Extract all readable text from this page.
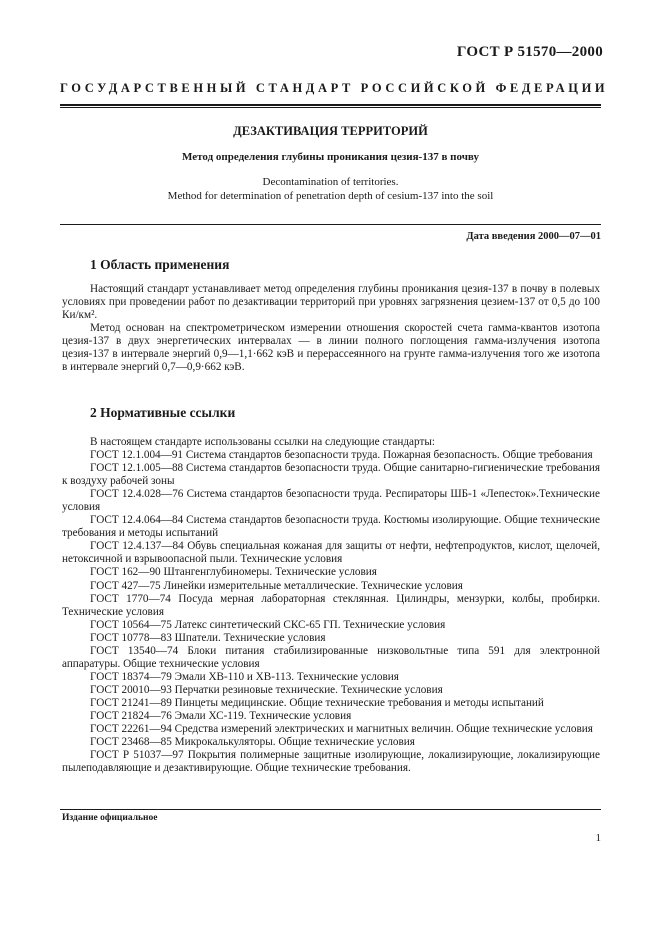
ГОСТ Р 51570—2000
ГОСУДАРСТВЕННЫЙ СТАНДАРТ РОССИЙСКОЙ ФЕДЕРАЦИИ
ДЕЗАКТИВАЦИЯ ТЕРРИТОРИЙ
Метод определения глубины проникания цезия-137 в почву
Decontamination of territories.
Method for determination of penetration depth of cesium-137 into the soil
Дата введения 2000—07—01
1 Область применения

Настоящий стандарт устанавливает метод определения глубины проникания цезия-137 в почву в полевых условиях при проведении работ по дезактивации территорий при уровнях загрязнения цезием-137 от 0,5 до 100 Ки/км².

Метод основан на спектрометрическом измерении отношения скоростей счета гамма-квантов изотопа цезия-137 в двух энергетических интервалах — в линии полного поглощения гамма-излучения изотопа цезия-137 в интервале энергий 0,9—1,1·662 кэВ и перерассеянного на грунте гамма-излучения того же изотопа в интервале энергий 0,7—0,9·662 кэВ.

2 Нормативные ссылки

В настоящем стандарте использованы ссылки на следующие стандарты:

ГОСТ 12.1.004—91 Система стандартов безопасности труда. Пожарная безопасность. Общие требования

ГОСТ 12.1.005—88 Система стандартов безопасности труда. Общие санитарно-гигиенические требования к воздуху рабочей зоны

ГОСТ 12.4.028—76 Система стандартов безопасности труда. Респираторы ШБ-1 «Лепесток».Технические условия

ГОСТ 12.4.064—84 Система стандартов безопасности труда. Костюмы изолирующие. Общие технические требования и методы испытаний

ГОСТ 12.4.137—84 Обувь специальная кожаная для защиты от нефти, нефтепродуктов, кислот, щелочей, нетоксичной и взрывоопасной пыли. Технические условия

ГОСТ 162—90 Штангенглубиномеры. Технические условия

ГОСТ 427—75 Линейки измерительные металлические. Технические условия

ГОСТ 1770—74 Посуда мерная лабораторная стеклянная. Цилиндры, мензурки, колбы, пробирки. Технические условия

ГОСТ 10564—75 Латекс синтетический СКС-65 ГП. Технические условия

ГОСТ 10778—83 Шпатели. Технические условия

ГОСТ 13540—74 Блоки питания стабилизированные низковольтные типа 591 для электронной аппаратуры. Общие технические условия

ГОСТ 18374—79 Эмали ХВ-110 и ХВ-113. Технические условия

ГОСТ 20010—93 Перчатки резиновые технические. Технические условия

ГОСТ 21241—89 Пинцеты медицинские. Общие технические требования и методы испытаний

ГОСТ 21824—76 Эмали ХС-119. Технические условия

ГОСТ 22261—94 Средства измерений электрических и магнитных величин. Общие технические условия

ГОСТ 23468—85 Микрокалькуляторы. Общие технические условия

ГОСТ Р 51037—97 Покрытия полимерные защитные изолирующие, локализирующие, локализирующие пылеподавляющие и дезактивирующие. Общие технические требования.

Издание официальное
1
